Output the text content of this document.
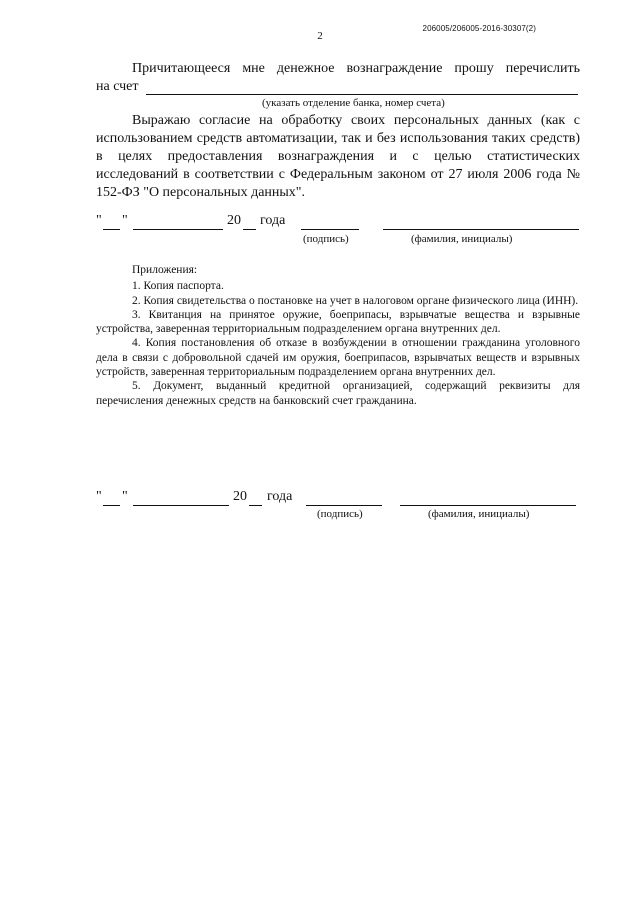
206005/206005-2016-30307(2)
2
Причитающееся мне денежное вознаграждение прошу перечислить
на счет
(указать отделение банка, номер счета)

Выражаю согласие на обработку своих персональных данных (как с использованием средств автоматизации, так и без использования таких средств) в целях предоставления вознаграждения и с целью статистических исследований в соответствии с Федеральным законом от 27 июля 2006 года № 152-ФЗ "О персональных данных".

" "	20 года
(подпись)	(фамилия, инициалы)
Приложения:

1. Копия паспорта.

2. Копия свидетельства о постановке на учет в налоговом органе физического лица (ИНН).

3. Квитанция на принятое оружие, боеприпасы, взрывчатые вещества и взрывные устройства, заверенная территориальным подразделением органа внутренних дел.

4. Копия постановления об отказе в возбуждении в отношении гражданина уголовного дела в связи с добровольной сдачей им оружия, боеприпасов, взрывчатых веществ и взрывных устройств, заверенная территориальным подразделением органа внутренних дел.

5. Документ, выданный кредитной организацией, содержащий реквизиты для перечисления денежных средств на банковский счет гражданина.

" "	20 года
(подпись)	(фамилия, инициалы)
